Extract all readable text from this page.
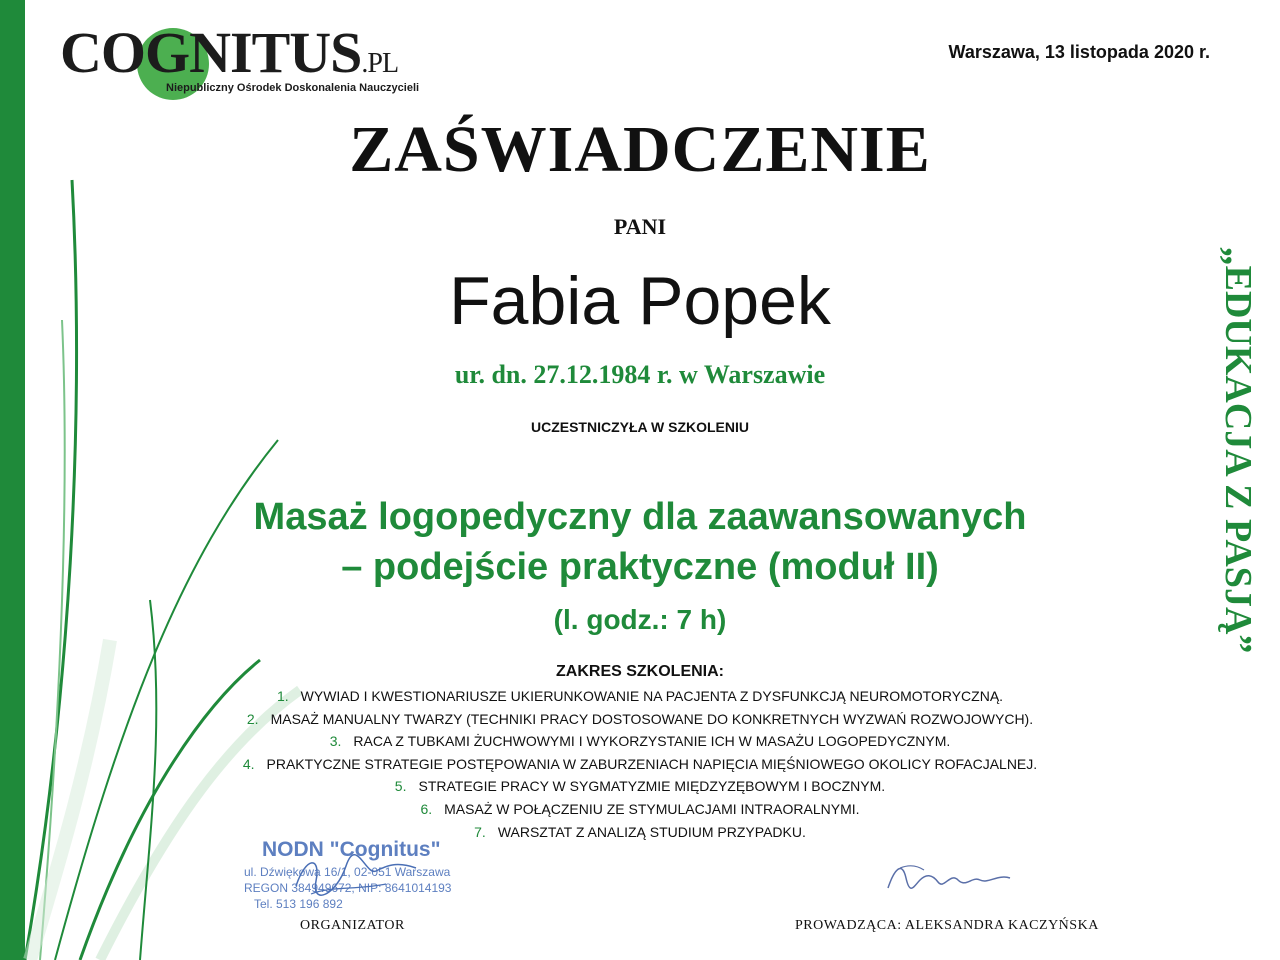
COGNITUS.PL
Niepubliczny Ośrodek Doskonalenia Nauczycieli
Warszawa, 13 listopada 2020 r.
ZAŚWIADCZENIE
PANI
Fabia Popek
ur. dn. 27.12.1984 r. w Warszawie
UCZESTNICZYŁA W SZKOLENIU
Masaż logopedyczny dla zaawansowanych
– podejście praktyczne (moduł II)
(l. godz.: 7 h)
ZAKRES SZKOLENIA:
1. WYWIAD I KWESTIONARIUSZE UKIERUNKOWANIE NA PACJENTA Z DYSFUNKCJĄ NEUROMOTORYCZNĄ.
2. MASAŻ MANUALNY TWARZY (TECHNIKI PRACY DOSTOSOWANE DO KONKRETNYCH WYZWAŃ ROZWOJOWYCH).
3. RACA Z TUBKAMI ŻUCHWOWYMI I WYKORZYSTANIE ICH W MASAŻU LOGOPEDYCZNYM.
4. PRAKTYCZNE STRATEGIE POSTĘPOWANIA W ZABURZENIACH NAPIĘCIA MIĘŚNIOWEGO OKOLICY ROFACJALNEJ.
5. STRATEGIE PRACY W SYGMATYZMIE MIĘDZYZĘBOWYM I BOCZNYM.
6. MASAŻ W POŁĄCZENIU ZE STYMULACJAMI INTRAORALNYMI.
7. WARSZTAT Z ANALIZĄ STUDIUM PRZYPADKU.
„EDUKACJA Z PASJĄ”
NODN "Cognitus"
ul. Dźwiękowa 16/1, 02-051 Warszawa
REGON 384949672, NIP: 8641014193
Tel. 513 196 892
ORGANIZATOR	PROWADZĄCA: ALEKSANDRA KACZYŃSKA
